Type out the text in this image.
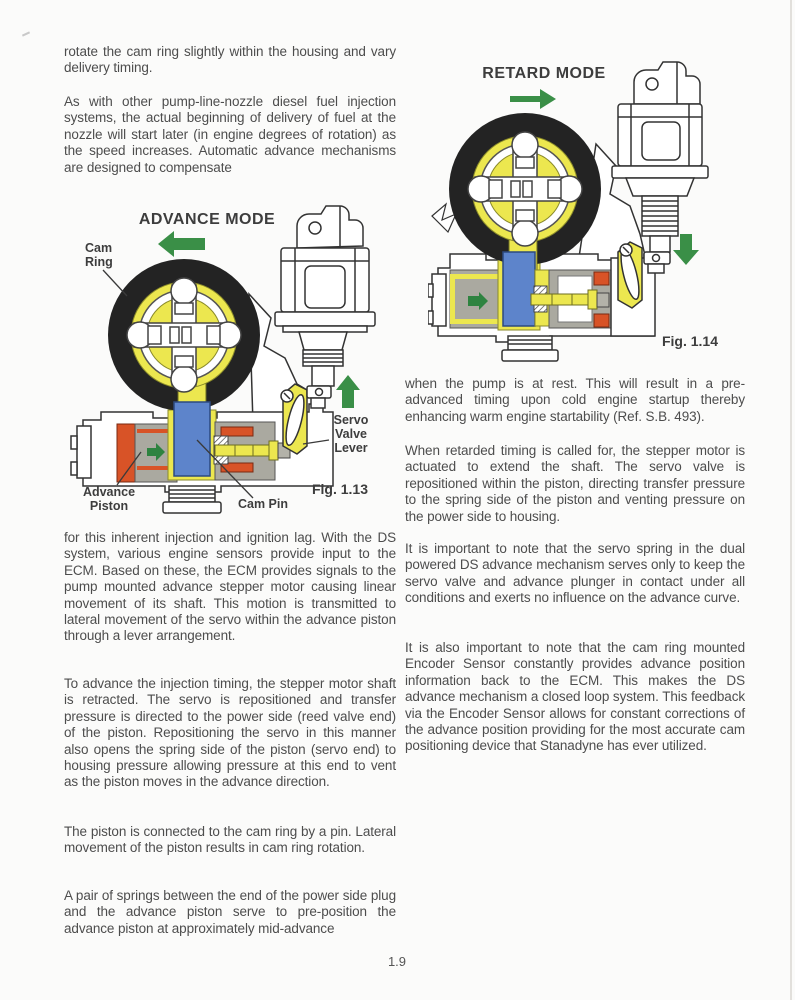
rotate the cam ring slightly within the housing and vary delivery timing.

As with other pump-line-nozzle diesel fuel injection systems, the actual beginning of delivery of fuel at the nozzle will start later (in engine degrees of rotation) as the speed increases. Automatic advance mechanisms are designed to compensate

for this inherent injection and ignition lag. With the DS system, various engine sensors provide input to the ECM. Based on these, the ECM provides signals to the pump mounted advance stepper motor causing linear movement of its shaft. This motion is transmitted to lateral movement of the servo within the advance piston through a lever arrangement.

To advance the injection timing, the stepper motor shaft is retracted. The servo is repositioned and transfer pressure is directed to the power side (reed valve end) of the piston. Repositioning the servo in this manner also opens the spring side of the piston (servo end) to housing pressure allowing pressure at this end to vent as the piston moves in the advance direction.

The piston is connected to the cam ring by a pin. Lateral movement of the piston results in cam ring rotation.

A pair of springs between the end of the power side plug and the advance piston serve to pre-position the advance piston at approximately mid-advance

when the pump is at rest. This will result in a pre-advanced timing upon cold engine startup thereby enhancing warm engine startability (Ref. S.B. 493).

When retarded timing is called for, the stepper motor is actuated to extend the shaft. The servo valve is repositioned within the piston, directing transfer pressure to the spring side of the piston and venting pressure on the power side to housing.

It is important to note that the servo spring in the dual powered DS advance mechanism serves only to keep the servo valve and advance plunger in contact under all conditions and exerts no influence on the advance curve.

It is also important to note that the cam ring mounted Encoder Sensor constantly provides advance position information back to the ECM. This makes the DS advance mechanism a closed loop system. This feedback via the Encoder Sensor allows for constant corrections of the advance position providing for the most accurate cam positioning device that Stanadyne has ever utilized.

ADVANCE MODE
Cam
Ring
Advance
Piston	Cam Pin
Servo
Valve
Lever
Fig. 1.13
RETARD MODE
Fig. 1.14
1.9
